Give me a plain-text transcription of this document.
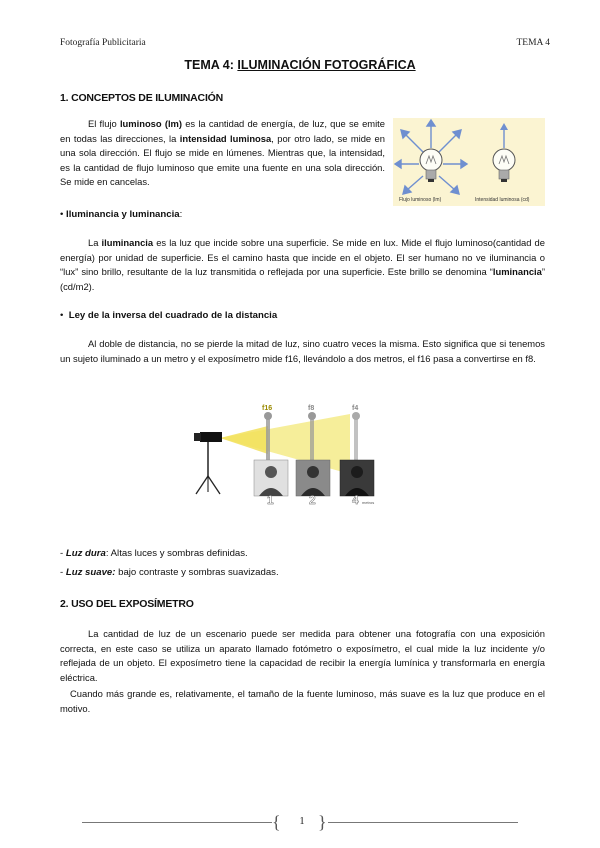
Fotografía Publicitaria	TEMA 4
TEMA 4: ILUMINACIÓN FOTOGRÁFICA
1. CONCEPTOS DE ILUMINACIÓN
El flujo luminoso (lm) es la cantidad de energía, de luz, que se emite en todas las direcciones, la intensidad luminosa, por otro lado, se mide en una sola dirección. El flujo se mide en lúmenes. Mientras que, la intensidad, es la cantidad de flujo luminoso que emite una fuente en una sola dirección. Se mide en cancelas.
Flujo luminoso (lm)	Intensidad luminosa (cd)
• Iluminancia y luminancia:
La iluminancia es la luz que incide sobre una superficie. Se mide en lux. Mide el flujo luminoso(cantidad de energía) por unidad de superficie. Es el camino hasta que incide en el objeto. El ser humano no ve iluminancia o “lux” sino brillo, resultante de la luz transmitida o reflejada por una superficie. Este brillo se denomina “luminancia” (cd/m2).
• Ley de la inversa del cuadrado de la distancia
Al doble de distancia, no se pierde la mitad de luz, sino cuatro veces la misma. Esto significa que si tenemos un sujeto iluminado a un metro y el exposímetro mide f16, llevándolo a dos metros, el f16 pasa a convertirse en f8.
f16	f8	f4
1	2	4 metros
- Luz dura: Altas luces y sombras definidas.
- Luz suave: bajo contraste y sombras suavizadas.
2. USO DEL EXPOSÍMETRO
La cantidad de luz de un escenario puede ser medida para obtener una fotografía con una exposición correcta, en este caso se utiliza un aparato llamado fotómetro o exposímetro, el cual mide la luz incidente y/o reflejada de un objeto. El exposímetro tiene la capacidad de recibir la energía lumínica y transformarla en energía eléctrica.
Cuando más grande es, relativamente, el tamaño de la fuente luminoso, más suave es la luz que produce en el motivo.
{ }
1
